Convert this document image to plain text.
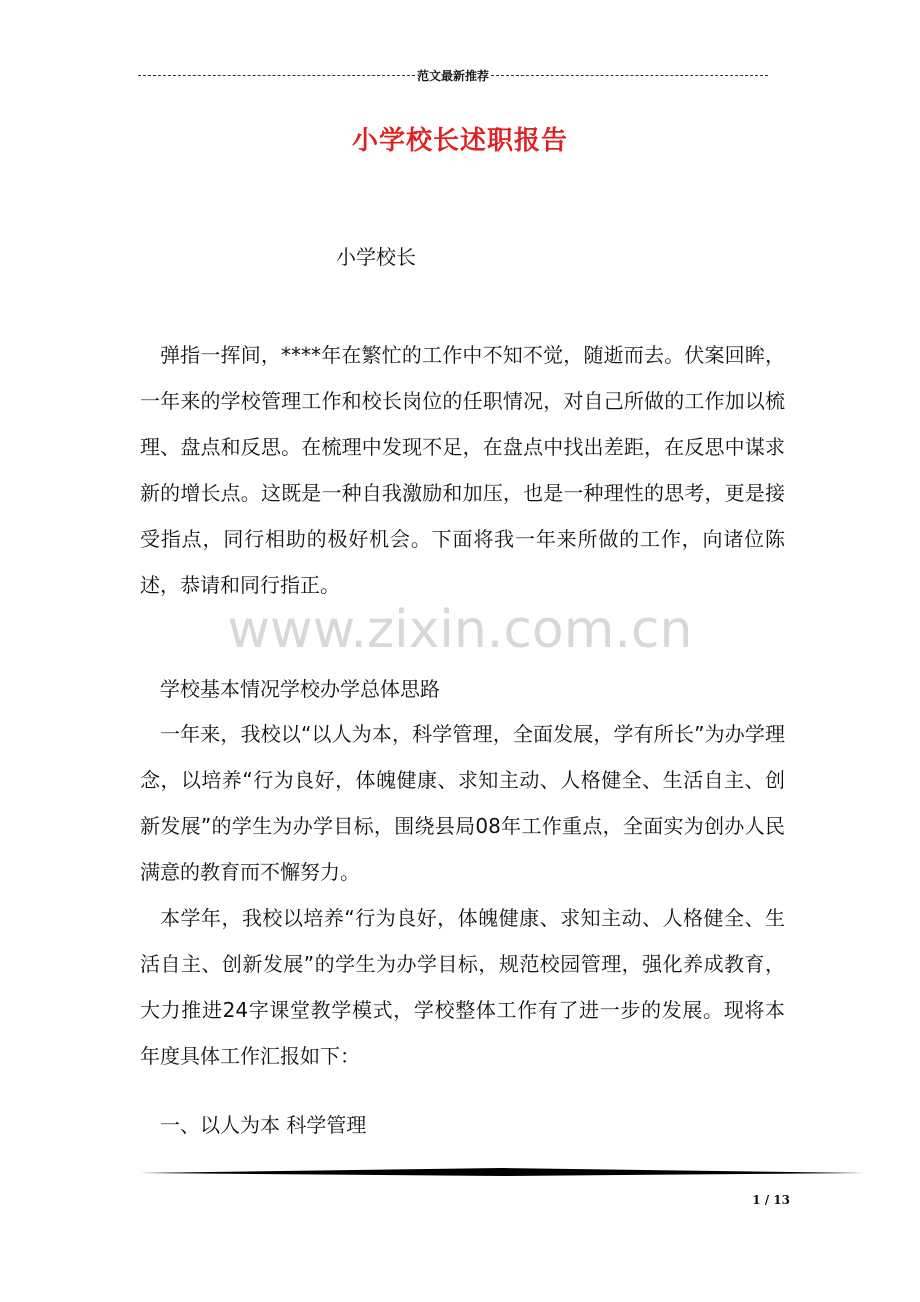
范文最新推荐
小学校长述职报告
小学校长
www.zixin.com.cn

弹指一挥间，****年在繁忙的工作中不知不觉，随逝而去。伏案回眸，一年来的学校管理工作和校长岗位的任职情况，对自己所做的工作加以梳理、盘点和反思。在梳理中发现不足，在盘点中找出差距，在反思中谋求新的增长点。这既是一种自我激励和加压，也是一种理性的思考，更是接受指点，同行相助的极好机会。下面将我一年来所做的工作，向诸位陈述，恭请和同行指正。

学校基本情况学校办学总体思路

一年来，我校以“以人为本，科学管理，全面发展，学有所长”为办学理念，以培养“行为良好，体魄健康、求知主动、人格健全、生活自主、创新发展”的学生为办学目标，围绕县局08年工作重点，全面实为创办人民满意的教育而不懈努力。

本学年，我校以培养“行为良好，体魄健康、求知主动、人格健全、生活自主、创新发展”的学生为办学目标，规范校园管理，强化养成教育，大力推进24字课堂教学模式，学校整体工作有了进一步的发展。现将本年度具体工作汇报如下：

一、以人为本 科学管理

1 / 13
